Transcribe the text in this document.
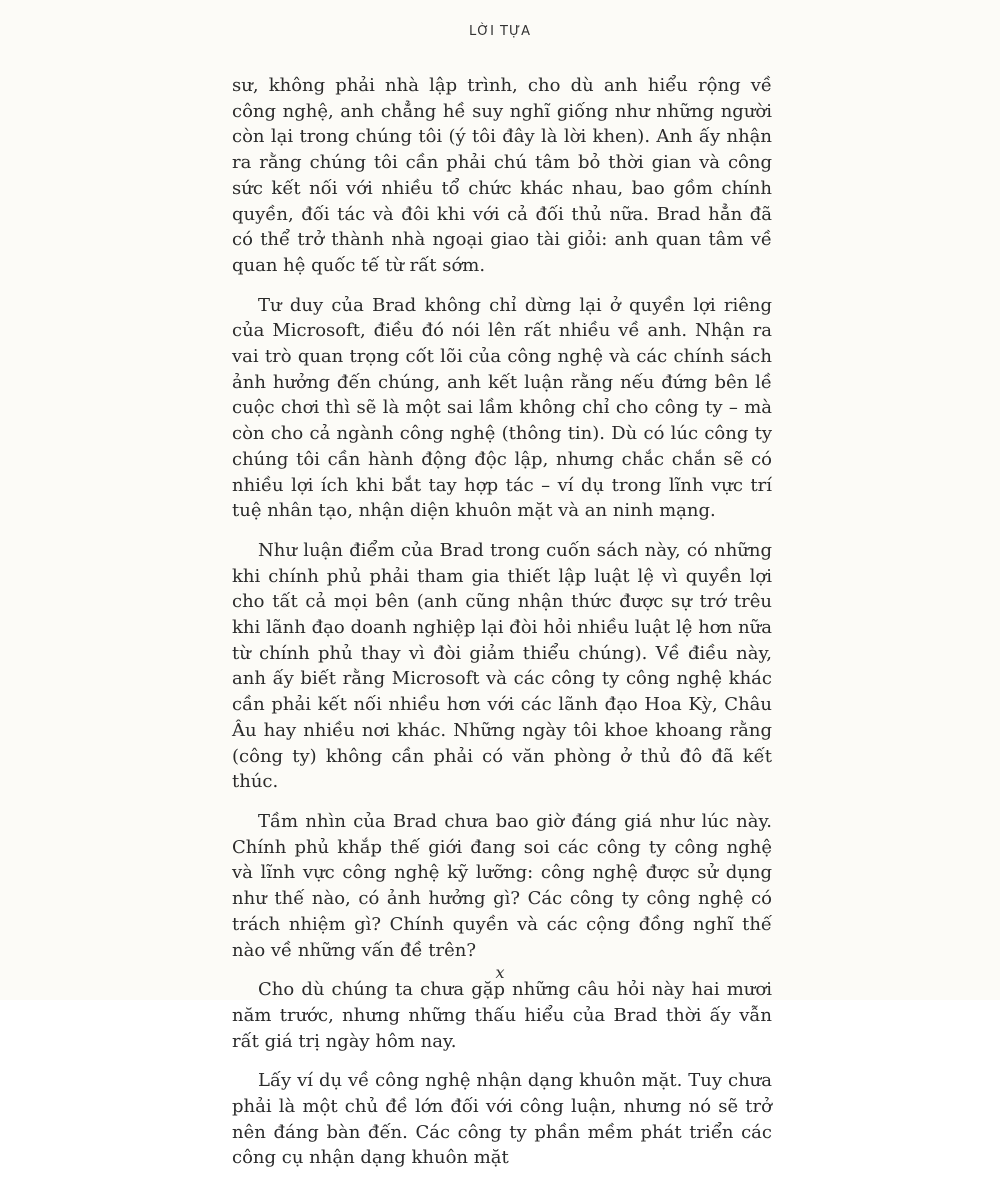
LỜI TỰA

sư, không phải nhà lập trình, cho dù anh hiểu rộng về công nghệ, anh chẳng hề suy nghĩ giống như những người còn lại trong chúng tôi (ý tôi đây là lời khen). Anh ấy nhận ra rằng chúng tôi cần phải chú tâm bỏ thời gian và công sức kết nối với nhiều tổ chức khác nhau, bao gồm chính quyền, đối tác và đôi khi với cả đối thủ nữa. Brad hẳn đã có thể trở thành nhà ngoại giao tài giỏi: anh quan tâm về quan hệ quốc tế từ rất sớm.

Tư duy của Brad không chỉ dừng lại ở quyền lợi riêng của Microsoft, điều đó nói lên rất nhiều về anh. Nhận ra vai trò quan trọng cốt lõi của công nghệ và các chính sách ảnh hưởng đến chúng, anh kết luận rằng nếu đứng bên lề cuộc chơi thì sẽ là một sai lầm không chỉ cho công ty – mà còn cho cả ngành công nghệ (thông tin). Dù có lúc công ty chúng tôi cần hành động độc lập, nhưng chắc chắn sẽ có nhiều lợi ích khi bắt tay hợp tác – ví dụ trong lĩnh vực trí tuệ nhân tạo, nhận diện khuôn mặt và an ninh mạng.

Như luận điểm của Brad trong cuốn sách này, có những khi chính phủ phải tham gia thiết lập luật lệ vì quyền lợi cho tất cả mọi bên (anh cũng nhận thức được sự trớ trêu khi lãnh đạo doanh nghiệp lại đòi hỏi nhiều luật lệ hơn nữa từ chính phủ thay vì đòi giảm thiểu chúng). Về điều này, anh ấy biết rằng Microsoft và các công ty công nghệ khác cần phải kết nối nhiều hơn với các lãnh đạo Hoa Kỳ, Châu Âu hay nhiều nơi khác. Những ngày tôi khoe khoang rằng (công ty) không cần phải có văn phòng ở thủ đô đã kết thúc.

Tầm nhìn của Brad chưa bao giờ đáng giá như lúc này. Chính phủ khắp thế giới đang soi các công ty công nghệ và lĩnh vực công nghệ kỹ lưỡng: công nghệ được sử dụng như thế nào, có ảnh hưởng gì? Các công ty công nghệ có trách nhiệm gì? Chính quyền và các cộng đồng nghĩ thế nào về những vấn đề trên?

Cho dù chúng ta chưa gặp những câu hỏi này hai mươi năm trước, nhưng những thấu hiểu của Brad thời ấy vẫn rất giá trị ngày hôm nay.

Lấy ví dụ về công nghệ nhận dạng khuôn mặt. Tuy chưa phải là một chủ đề lớn đối với công luận, nhưng nó sẽ trở nên đáng bàn đến. Các công ty phần mềm phát triển các công cụ nhận dạng khuôn mặt

x
